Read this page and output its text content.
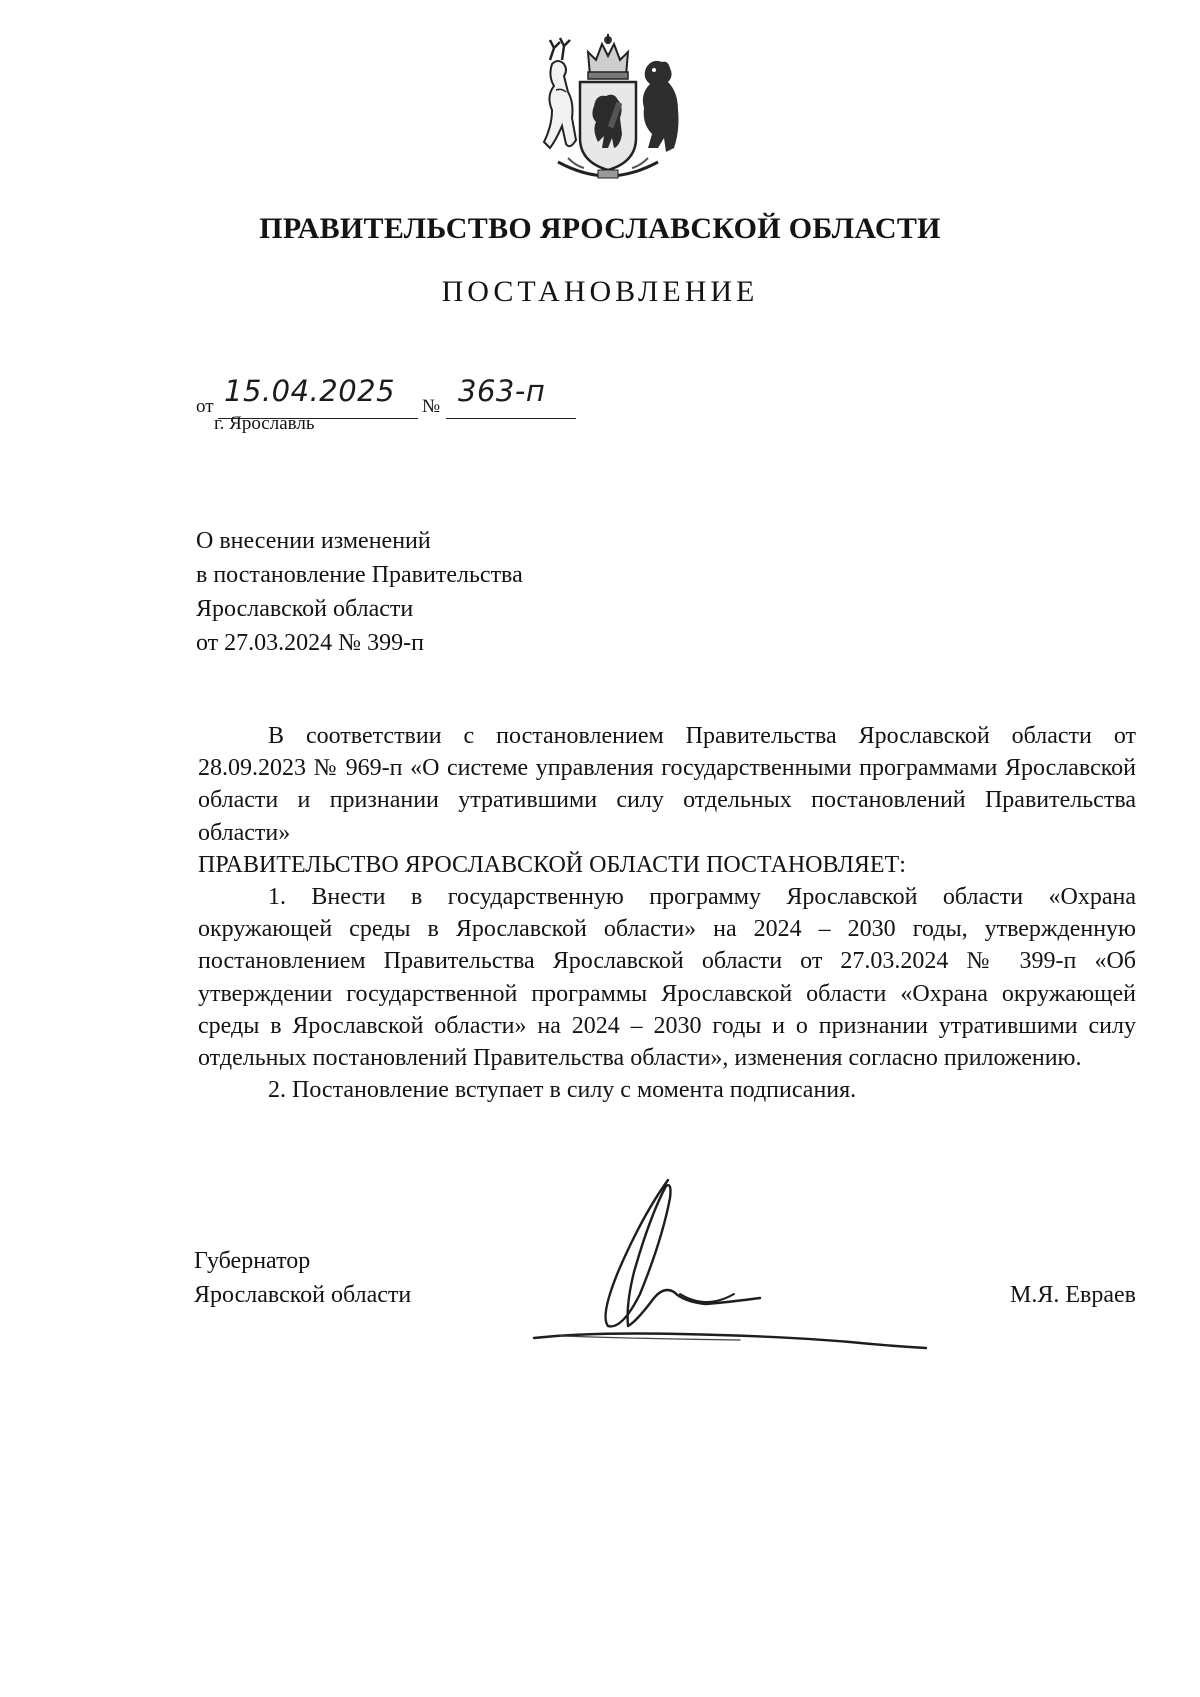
ПРАВИТЕЛЬСТВО ЯРОСЛАВСКОЙ ОБЛАСТИ
ПОСТАНОВЛЕНИЕ
от 15.04.2025 № 363-п
г. Ярославль
О внесении изменений
в постановление Правительства
Ярославской области
от 27.03.2024 № 399-п

В соответствии с постановлением Правительства Ярославской области от 28.09.2023 № 969-п «О системе управления государственными программами Ярославской области и признании утратившими силу отдельных постановлений Правительства области»

ПРАВИТЕЛЬСТВО ЯРОСЛАВСКОЙ ОБЛАСТИ ПОСТАНОВЛЯЕТ:

1. Внести в государственную программу Ярославской области «Охрана окружающей среды в Ярославской области» на 2024 – 2030 годы, утвержденную постановлением Правительства Ярославской области от 27.03.2024 № 399-п «Об утверждении государственной программы Ярославской области «Охрана окружающей среды в Ярославской области» на 2024 – 2030 годы и о признании утратившими силу отдельных постановлений Правительства области», изменения согласно приложению.

2. Постановление вступает в силу с момента подписания.

Губернатор
Ярославской области	М.Я. Евраев
